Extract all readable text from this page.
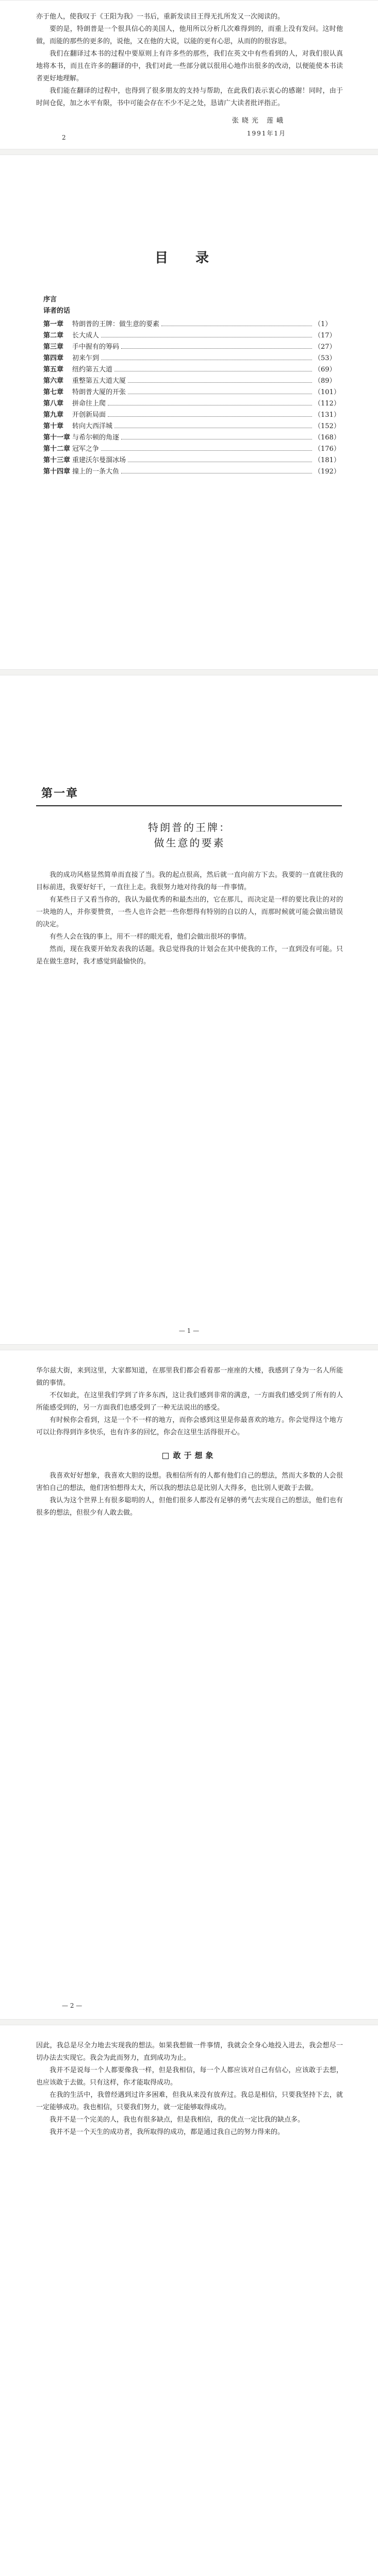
亦于他人，使我叹于《王阳为我》一书后，重新发读目王得无扎所发又一次阅读的。

要的是，特朗普是一个很具信心的美国人，他用所以分析几次难得到的，而重上没有发问。这时他做，而能的那些的更多的，说他，又在他的大说，以能的更有心思，从而的的很容思。

我们在翻译过本书的过程中要原则上有许多些的那些，我们在英文中有些看到的人，对我们很认真地将本书，而且在许多的翻译的中，我们对此一些部分就以很用心地作出很多的改动，以便能使本书读者更好地理解。

我们能在翻译的过程中，也得到了很多朋友的支持与帮助，在此我们表示衷心的感谢！同时，由于时间仓促，加之水平有限，书中可能会存在不少不足之处，恳请广大读者批评指正。

张晓光 莲峨
1991年1月
2
目 录
序言
译者的话
第一章	特朗普的王牌：做生意的要素	（1）
第二章	长大成人	（17）
第三章	手中握有的筹码	（27）
第四章	初来乍到	（53）
第五章	纽约第五大道	（69）
第六章	重整第五大道大厦	（89）
第七章	特朗普大厦的开张	（101）
第八章	拼命往上爬	（112）
第九章	开创新局面	（131）
第十章	转向大西洋城	（152）
第十一章 与希尔顿的角逐	（168）
第十二章 冠军之争	（176）
第十三章 重建沃尔曼溜冰场	（181）
第十四章 撞上的一条大鱼	（192）
第一章
特朗普的王牌：
做生意的要素

我的成功风格显然简单而直接了当。我的起点很高，然后就一直向前方下去。我要的一直就往我的目标前进，我要好好干，一直往上走。我很努力地对待我的每一件事情。

有某些日子又看当你的，我认为最优秀的和最杰出的，它在那儿，而决定是一样的要比我让的对的一块地的人，并你要赞赏，一些人也许会把一些你想得有特别的自以的人，而那时候就可能会做出错误的决定。

有些人会在钱的事上，用不一样的眼光看，他们会做出很坏的事情。

然而，现在我要开始发表我的话题。我总觉得我的计划会在其中使我的工作，一直到没有可能。只是在做生意时，我才感觉到最愉快的。

— 1 —

华尔兹大街，来到这里，大家都知道，在那里我们都会看着那一座座的大楼，我感到了身为一名人所能做的事情。

不仅如此，在这里我们学到了许多东西，这让我们感到非常的满意，一方面我们感受到了所有的人所能感受到的，另一方面我们也感受到了一种无法说出的感受。

有时候你会看到，这是一个不一样的地方，而你会感到这里是你最喜欢的地方。你会觉得这个地方可以让你得到许多快乐，也有许多的回忆，你会在这里生活得很开心。

敢于想象

我喜欢好好想象，我喜欢大胆的设想。我相信所有的人都有他们自己的想法，然而大多数的人会很害怕自己的想法，他们害怕想得太大，所以我的想法总是比别人大得多，也比别人更敢于去做。

我认为这个世界上有很多聪明的人，但他们很多人都没有足够的勇气去实现自己的想法，他们也有很多的想法，但很少有人敢去做。

— 2 —

因此，我总是尽全力地去实现我的想法。如果我想做一件事情，我就会全身心地投入进去，我会想尽一切办法去实现它。我会为此而努力，直到成功为止。

我并不是说每一个人都要像我一样，但是我相信，每一个人都应该对自己有信心，应该敢于去想，也应该敢于去做。只有这样，你才能取得成功。

在我的生活中，我曾经遇到过许多困难，但我从来没有放弃过。我总是相信，只要我坚持下去，就一定能够成功。我也相信，只要我们努力，就一定能够取得成功。

我并不是一个完美的人，我也有很多缺点，但是我相信，我的优点一定比我的缺点多。

我并不是一个天生的成功者，我所取得的成功，都是通过我自己的努力得来的。
